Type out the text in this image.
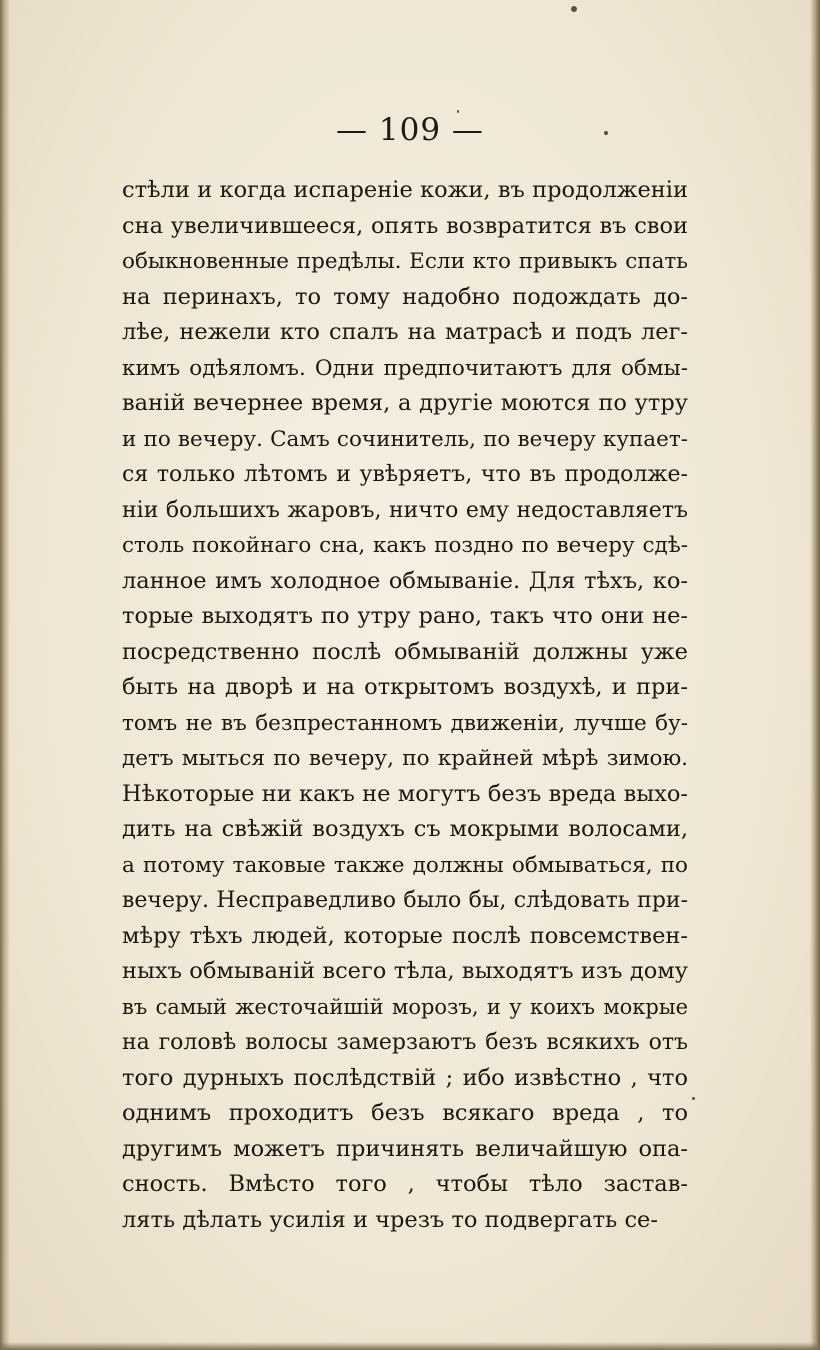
— 109 —
стѣли и когда испареніе кожи, въ продолженіи
сна увеличившееся, опять возвратится въ свои
обыкновенные предѣлы. Если кто привыкъ спать
на перинахъ, то тому надобно подождать до-
лѣе, нежели кто спалъ на матрасѣ и подъ лег-
кимъ одѣяломъ. Одни предпочитаютъ для обмы-
ваній вечернее время, а другіе моются по утру
и по вечеру. Самъ сочинитель, по вечеру купает-
ся только лѣтомъ и увѣряетъ, что въ продолже-
ніи большихъ жаровъ, ничто ему недоставляетъ
столь покойнаго сна, какъ поздно по вечеру сдѣ-
ланное имъ холодное обмываніе. Для тѣхъ, ко-
торые выходятъ по утру рано, такъ что они не-
посредственно послѣ обмываній должны уже
быть на дворѣ и на открытомъ воздухѣ, и при-
томъ не въ безпрестанномъ движеніи, лучше бу-
детъ мыться по вечеру, по крайней мѣрѣ зимою.
Нѣкоторые ни какъ не могутъ безъ вреда выхо-
дить на свѣжій воздухъ съ мокрыми волосами,
а потому таковые также должны обмываться, по
вечеру. Несправедливо было бы, слѣдовать при-
мѣру тѣхъ людей, которые послѣ повсемствен-
ныхъ обмываній всего тѣла, выходятъ изъ дому
въ самый жесточайшій морозъ, и у коихъ мокрые
на головѣ волосы замерзаютъ безъ всякихъ отъ
того дурныхъ послѣдствій ; ибо извѣстно , что
однимъ проходитъ безъ всякаго вреда , то
другимъ можетъ причинять величайшую опа-
сность. Вмѣсто того , чтобы тѣло застав-
лять дѣлать усилія и чрезъ то подвергать се-
